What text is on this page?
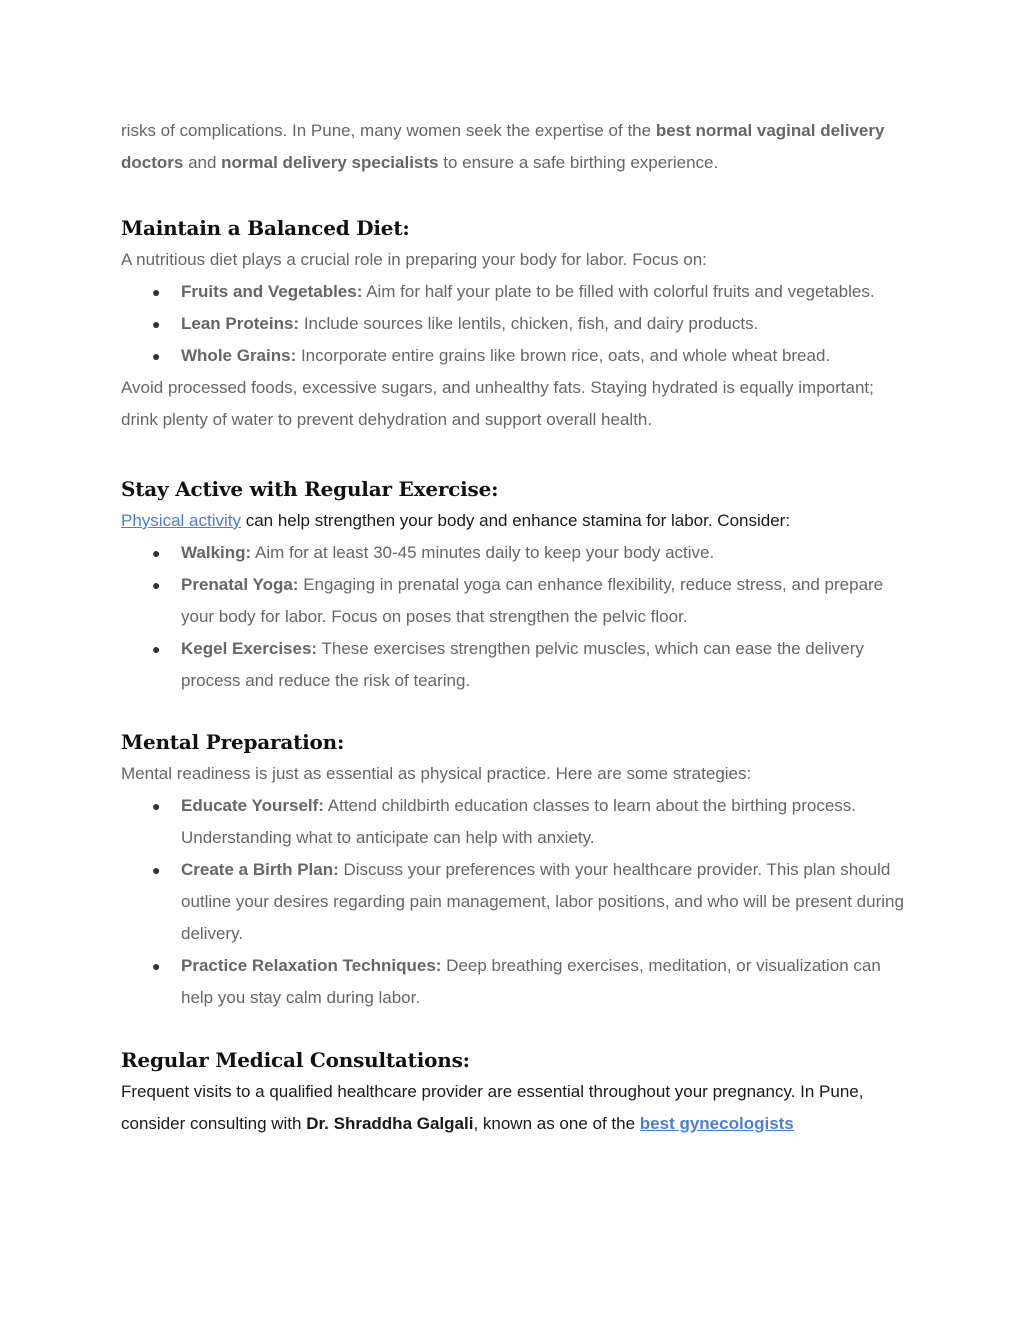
risks of complications. In Pune, many women seek the expertise of the best normal vaginal delivery doctors and normal delivery specialists to ensure a safe birthing experience.

Maintain a Balanced Diet:

A nutritious diet plays a crucial role in preparing your body for labor. Focus on:

● Fruits and Vegetables: Aim for half your plate to be filled with colorful fruits and vegetables.
● Lean Proteins: Include sources like lentils, chicken, fish, and dairy products.
● Whole Grains: Incorporate entire grains like brown rice, oats, and whole wheat bread.

Avoid processed foods, excessive sugars, and unhealthy fats. Staying hydrated is equally important; drink plenty of water to prevent dehydration and support overall health.

Stay Active with Regular Exercise:

Physical activity can help strengthen your body and enhance stamina for labor. Consider:

● Walking: Aim for at least 30-45 minutes daily to keep your body active.
● Prenatal Yoga: Engaging in prenatal yoga can enhance flexibility, reduce stress, and prepare your body for labor. Focus on poses that strengthen the pelvic floor.
● Kegel Exercises: These exercises strengthen pelvic muscles, which can ease the delivery process and reduce the risk of tearing.
Mental Preparation:

Mental readiness is just as essential as physical practice. Here are some strategies:

● Educate Yourself: Attend childbirth education classes to learn about the birthing process. Understanding what to anticipate can help with anxiety.
● Create a Birth Plan: Discuss your preferences with your healthcare provider. This plan should outline your desires regarding pain management, labor positions, and who will be present during delivery.
● Practice Relaxation Techniques: Deep breathing exercises, meditation, or visualization can help you stay calm during labor.
Regular Medical Consultations:

Frequent visits to a qualified healthcare provider are essential throughout your pregnancy. In Pune, consider consulting with Dr. Shraddha Galgali, known as one of the best gynecologists
